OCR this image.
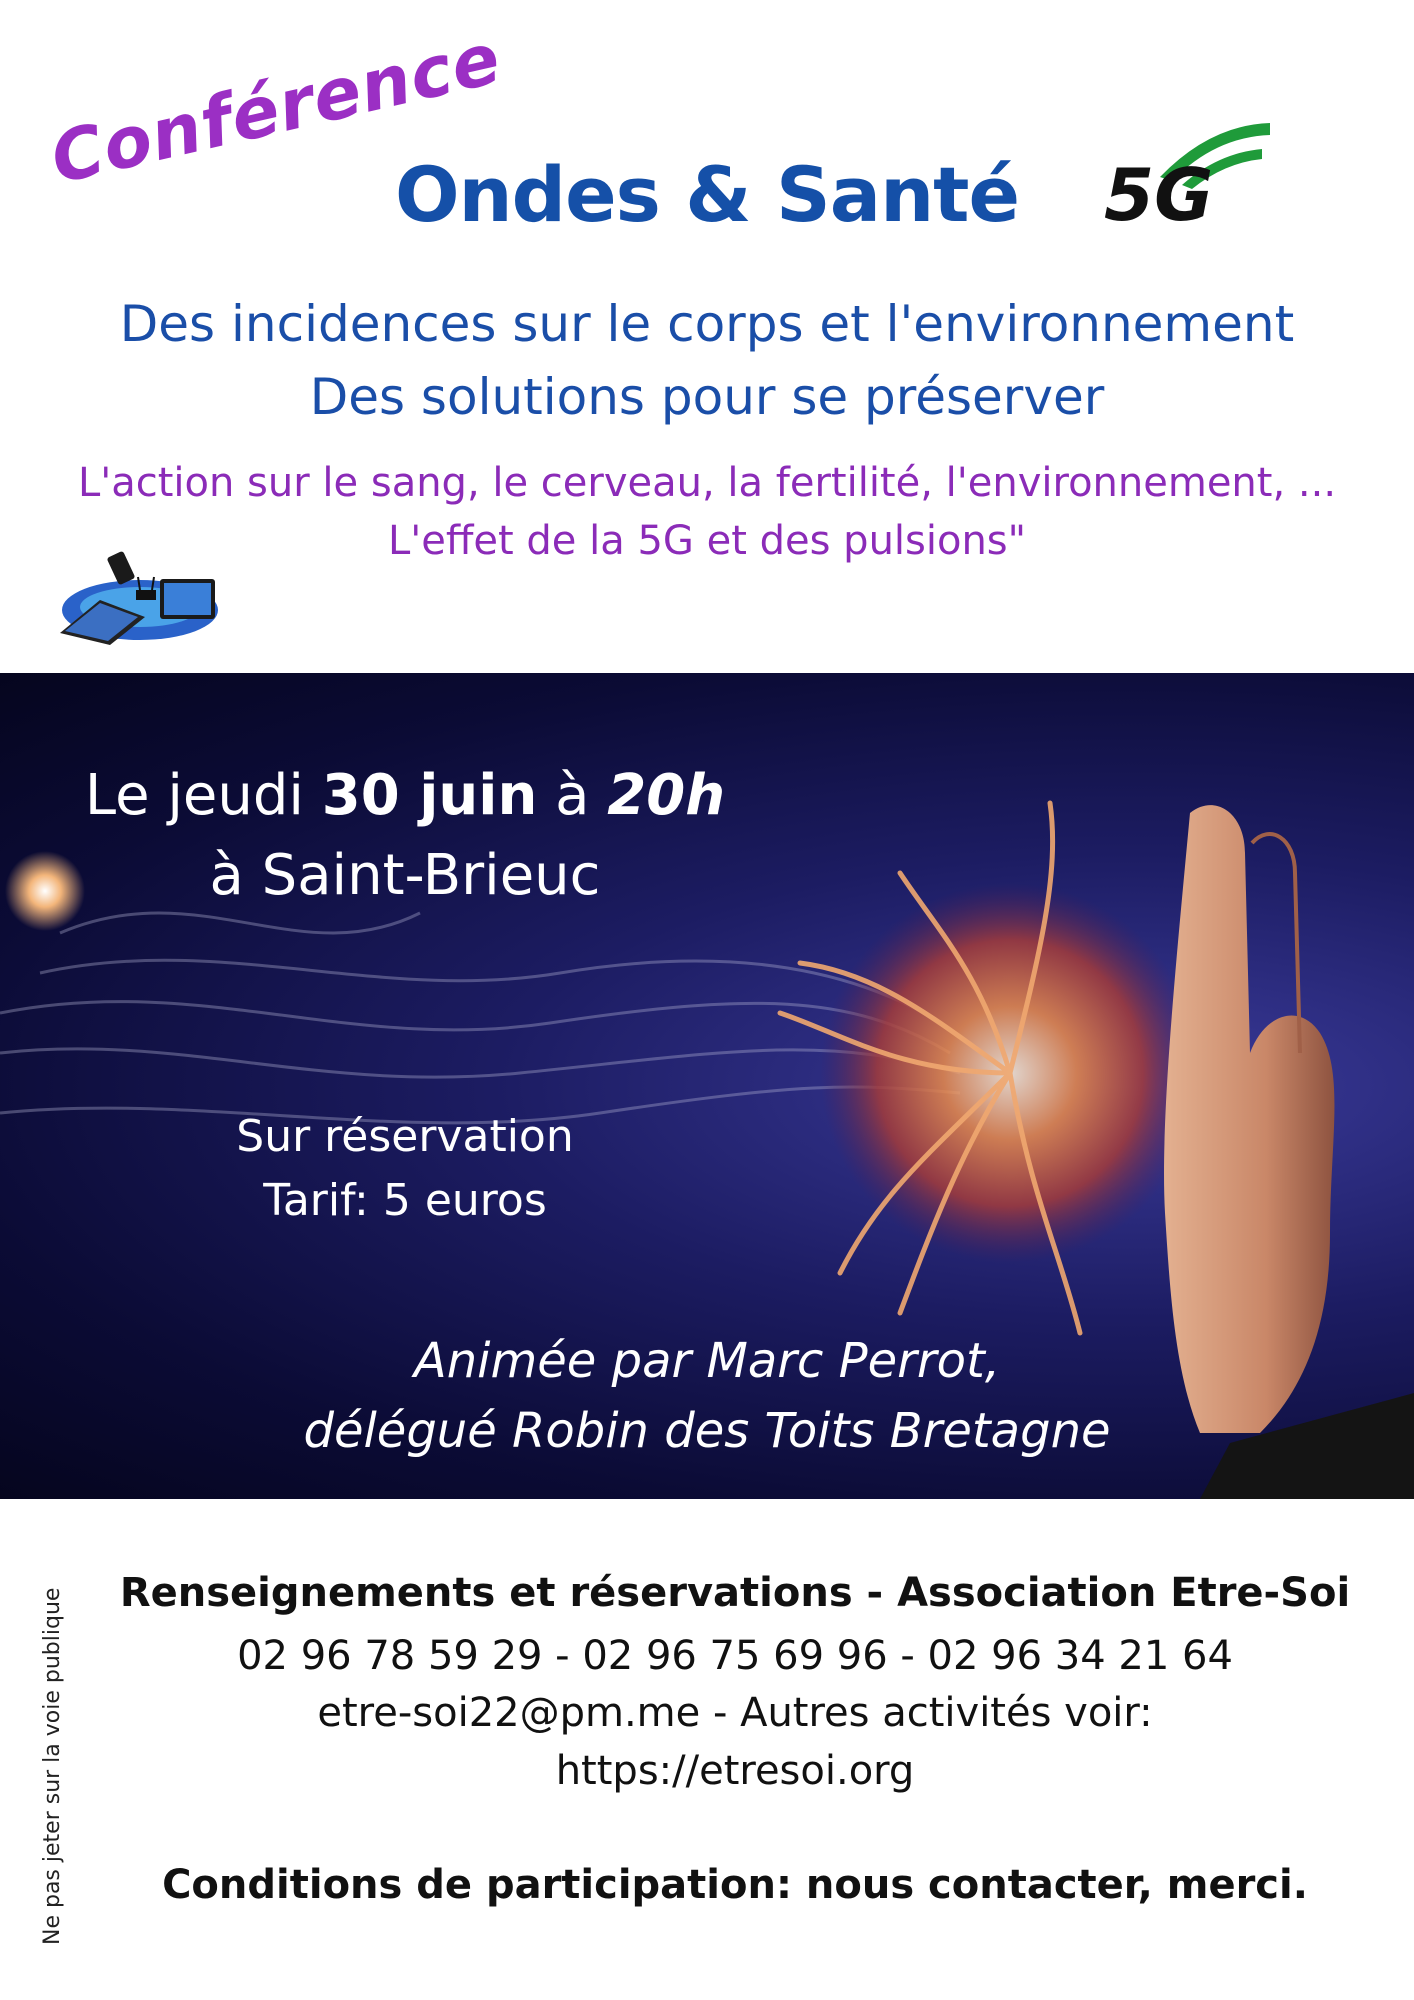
Conférence
Ondes & Santé	5G
Des incidences sur le corps et l'environnement
Des solutions pour se préserver
L'action sur le sang, le cerveau, la fertilité, l'environnement, ...
L'effet de la 5G et des pulsions"
Le jeudi 30 juin à 20h
à Saint-Brieuc
Sur réservation
Tarif: 5 euros
Animée par Marc Perrot,
délégué Robin des Toits Bretagne
Ne pas jeter sur la voie publique	Renseignements et réservations - Association Etre-Soi
02 96 78 59 29 - 02 96 75 69 96 - 02 96 34 21 64
etre-soi22@pm.me - Autres activités voir:
https://etresoi.org
Conditions de participation: nous contacter, merci.
